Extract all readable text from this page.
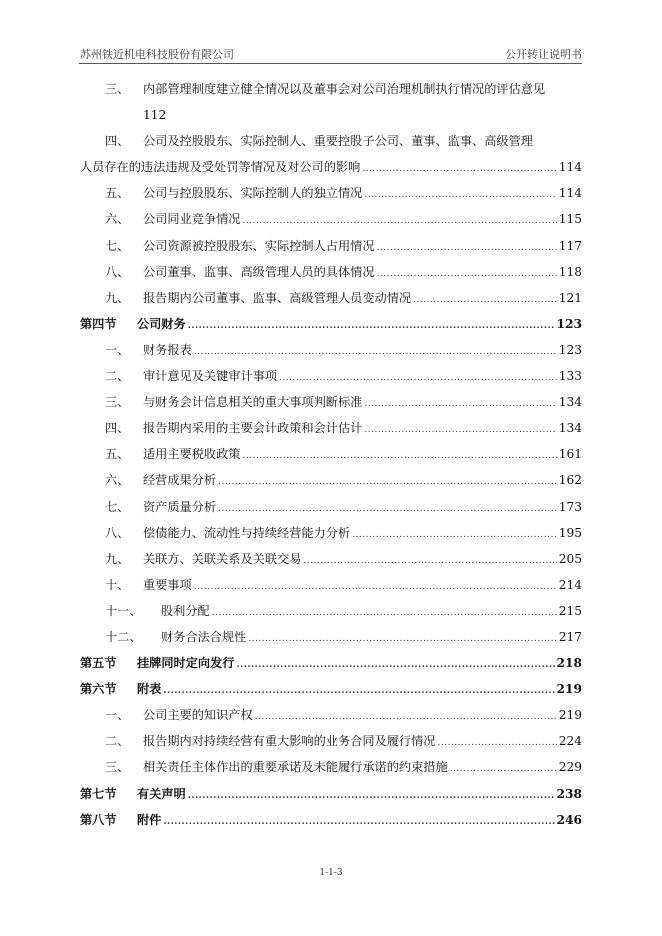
苏州铁近机电科技股份有限公司	公开转让说明书
三、	内部管理制度建立健全情况以及董事会对公司治理机制执行情况的评估意见
112
四、	公司及控股股东、实际控制人、重要控股子公司、董事、监事、高级管理
人员存在的违法违规及受处罚等情况及对公司的影响 .....	114
五、	公司与控股股东、实际控制人的独立情况 .....	114
六、	公司同业竞争情况 .....	115
七、	公司资源被控股股东、实际控制人占用情况 .....	117
八、	公司董事、监事、高级管理人员的具体情况 .....	118
九、	报告期内公司董事、监事、高级管理人员变动情况 .....	121
第四节	公司财务 .....	123
一、	财务报表 .....	123
二、	审计意见及关键审计事项 .....	133
三、	与财务会计信息相关的重大事项判断标准 .....	134
四、	报告期内采用的主要会计政策和会计估计 .....	134
五、	适用主要税收政策 .....	161
六、	经营成果分析 .....	162
七、	资产质量分析 .....	173
八、	偿债能力、流动性与持续经营能力分析 .....	195
九、	关联方、关联关系及关联交易 .....	205
十、	重要事项 .....	214
十一、	股利分配 .....	215
十二、	财务合法合规性 .....	217
第五节	挂牌同时定向发行 .....	218
第六节	附表 .....	219
一、	公司主要的知识产权 .....	219
二、	报告期内对持续经营有重大影响的业务合同及履行情况 .....	224
三、	相关责任主体作出的重要承诺及未能履行承诺的约束措施 .....	229
第七节	有关声明 .....	238
第八节	附件 .....	246
1-1-3
